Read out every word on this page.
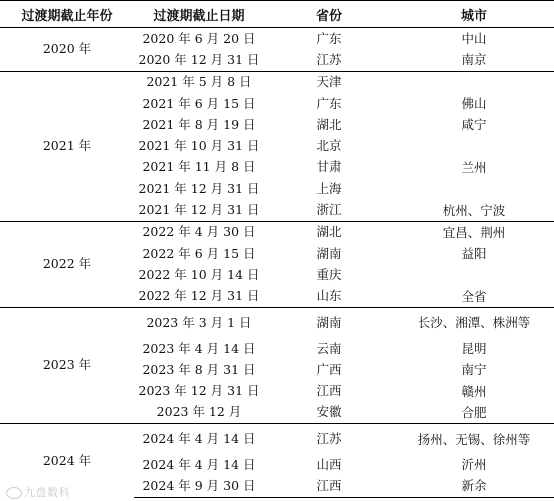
过渡期截止年份	过渡期截止日期	省份	城市
2020 年	2020 年 6 月 20 日	广东	中山
	2020 年 12 月 31 日	江苏	南京
2021 年	2021 年 5 月 8 日	天津	
	2021 年 6 月 15 日	广东	佛山
	2021 年 8 月 19 日	湖北	咸宁
	2021 年 10 月 31 日	北京	
	2021 年 11 月 8 日	甘肃	兰州
	2021 年 12 月 31 日	上海	
	2021 年 12 月 31 日	浙江	杭州、宁波
2022 年	2022 年 4 月 30 日	湖北	宜昌、荆州
	2022 年 6 月 15 日	湖南	益阳
	2022 年 10 月 14 日	重庆	
	2022 年 12 月 31 日	山东	全省
2023 年	2023 年 3 月 1 日	湖南	长沙、湘潭、株洲等
	2023 年 4 月 14 日	云南	昆明
	2023 年 8 月 31 日	广西	南宁
	2023 年 12 月 31 日	江西	赣州
	2023 年 12 月	安徽	合肥
2024 年	2024 年 4 月 14 日	江苏	扬州、无锡、徐州等
	2024 年 4 月 14 日	山西	沂州
	2024 年 9 月 30 日	江西	新余
九盘数科
